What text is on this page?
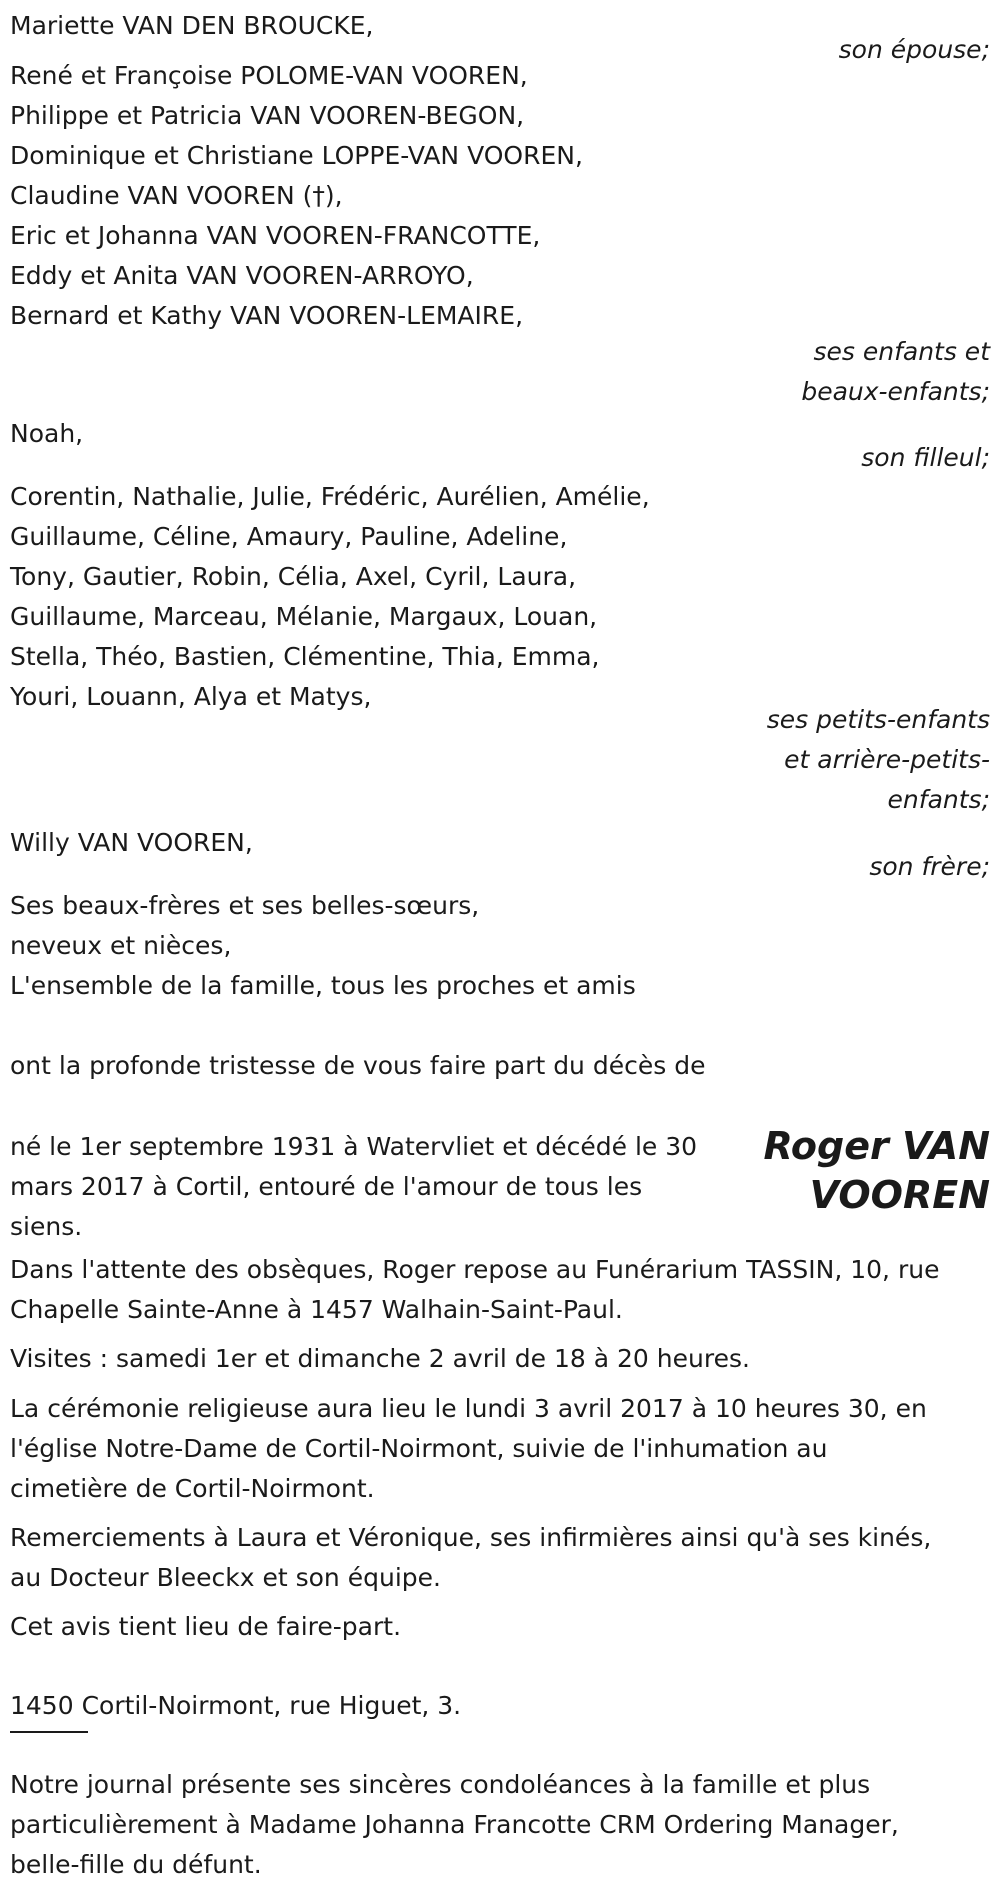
Mariette VAN DEN BROUCKE,
son épouse;
René et Françoise POLOME-VAN VOOREN,
Philippe et Patricia VAN VOOREN-BEGON,
Dominique et Christiane LOPPE-VAN VOOREN,
Claudine VAN VOOREN (†),
Eric et Johanna VAN VOOREN-FRANCOTTE,
Eddy et Anita VAN VOOREN-ARROYO,
Bernard et Kathy VAN VOOREN-LEMAIRE,
ses enfants et
beaux-enfants;
Noah,
son filleul;
Corentin, Nathalie, Julie, Frédéric, Aurélien, Amélie,
Guillaume, Céline, Amaury, Pauline, Adeline,
Tony, Gautier, Robin, Célia, Axel, Cyril, Laura,
Guillaume, Marceau, Mélanie, Margaux, Louan,
Stella, Théo, Bastien, Clémentine, Thia, Emma,
Youri, Louann, Alya et Matys,
ses petits-enfants
et arrière-petits-
enfants;
Willy VAN VOOREN,
son frère;
Ses beaux-frères et ses belles-sœurs,
neveux et nièces,
L'ensemble de la famille, tous les proches et amis
ont la profonde tristesse de vous faire part du décès de
Roger VAN
VOOREN
né le 1er septembre 1931 à Watervliet et décédé le 30
mars 2017 à Cortil, entouré de l'amour de tous les
siens.
Dans l'attente des obsèques, Roger repose au Funérarium TASSIN, 10, rue
Chapelle Sainte-Anne à 1457 Walhain-Saint-Paul.
Visites : samedi 1er et dimanche 2 avril de 18 à 20 heures.
La cérémonie religieuse aura lieu le lundi 3 avril 2017 à 10 heures 30, en
l'église Notre-Dame de Cortil-Noirmont, suivie de l'inhumation au
cimetière de Cortil-Noirmont.
Remerciements à Laura et Véronique, ses infirmières ainsi qu'à ses kinés,
au Docteur Bleeckx et son équipe.
Cet avis tient lieu de faire-part.
1450 Cortil-Noirmont, rue Higuet, 3.
Notre journal présente ses sincères condoléances à la famille et plus
particulièrement à Madame Johanna Francotte CRM Ordering Manager,
belle-fille du défunt.
